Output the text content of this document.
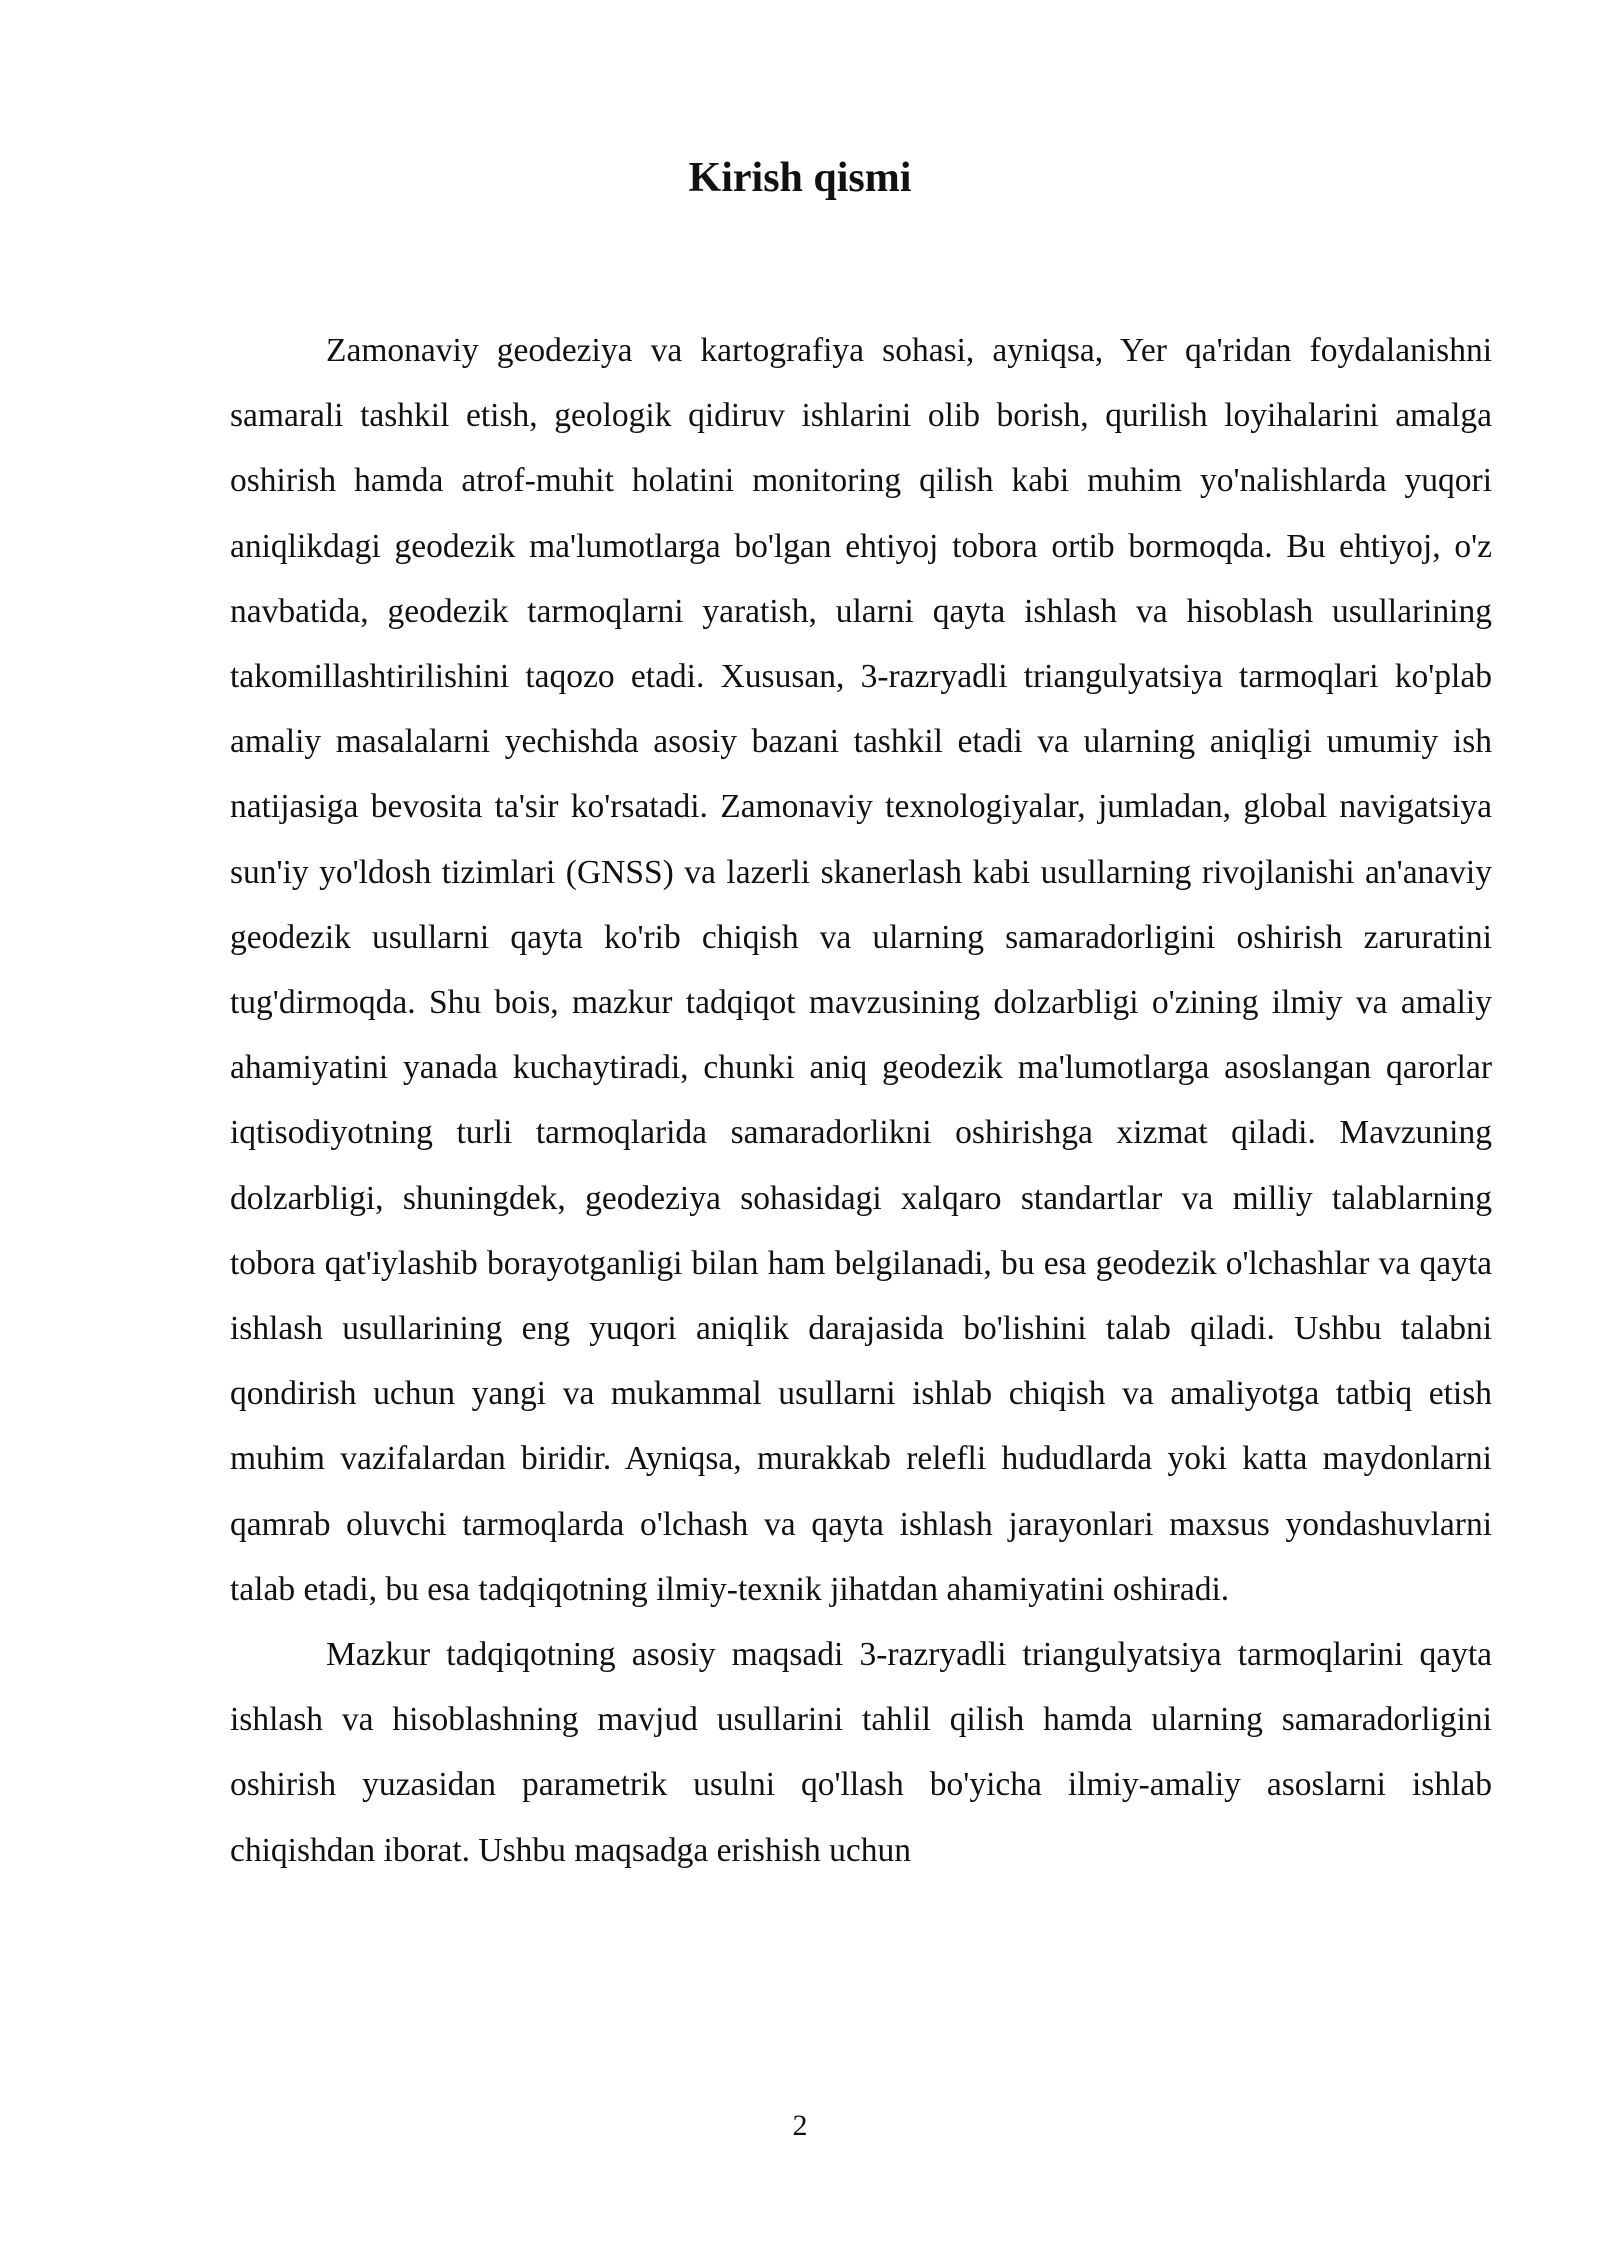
Kirish qismi

Zamonaviy geodeziya va kartografiya sohasi, ayniqsa, Yer qa'ridan foydalanishni samarali tashkil etish, geologik qidiruv ishlarini olib borish, qurilish loyihalarini amalga oshirish hamda atrof-muhit holatini monitoring qilish kabi muhim yo'nalishlarda yuqori aniqlikdagi geodezik ma'lumotlarga bo'lgan ehtiyoj tobora ortib bormoqda. Bu ehtiyoj, o'z navbatida, geodezik tarmoqlarni yaratish, ularni qayta ishlash va hisoblash usullarining takomillashtirilishini taqozo etadi. Xususan, 3-razryadli triangulyatsiya tarmoqlari ko'plab amaliy masalalarni yechishda asosiy bazani tashkil etadi va ularning aniqligi umumiy ish natijasiga bevosita ta'sir ko'rsatadi. Zamonaviy texnologiyalar, jumladan, global navigatsiya sun'iy yo'ldosh tizimlari (GNSS) va lazerli skanerlash kabi usullarning rivojlanishi an'anaviy geodezik usullarni qayta ko'rib chiqish va ularning samaradorligini oshirish zaruratini tug'dirmoqda. Shu bois, mazkur tadqiqot mavzusining dolzarbligi o'zining ilmiy va amaliy ahamiyatini yanada kuchaytiradi, chunki aniq geodezik ma'lumotlarga asoslangan qarorlar iqtisodiyotning turli tarmoqlarida samaradorlikni oshirishga xizmat qiladi. Mavzuning dolzarbligi, shuningdek, geodeziya sohasidagi xalqaro standartlar va milliy talablarning tobora qat'iylashib borayotganligi bilan ham belgilanadi, bu esa geodezik o'lchashlar va qayta ishlash usullarining eng yuqori aniqlik darajasida bo'lishini talab qiladi. Ushbu talabni qondirish uchun yangi va mukammal usullarni ishlab chiqish va amaliyotga tatbiq etish muhim vazifalardan biridir. Ayniqsa, murakkab relefli hududlarda yoki katta maydonlarni qamrab oluvchi tarmoqlarda o'lchash va qayta ishlash jarayonlari maxsus yondashuvlarni talab etadi, bu esa tadqiqotning ilmiy-texnik jihatdan ahamiyatini oshiradi.

Mazkur tadqiqotning asosiy maqsadi 3-razryadli triangulyatsiya tarmoqlarini qayta ishlash va hisoblashning mavjud usullarini tahlil qilish hamda ularning samaradorligini oshirish yuzasidan parametrik usulni qo'llash bo'yicha ilmiy-amaliy asoslarni ishlab chiqishdan iborat. Ushbu maqsadga erishish uchun

2
